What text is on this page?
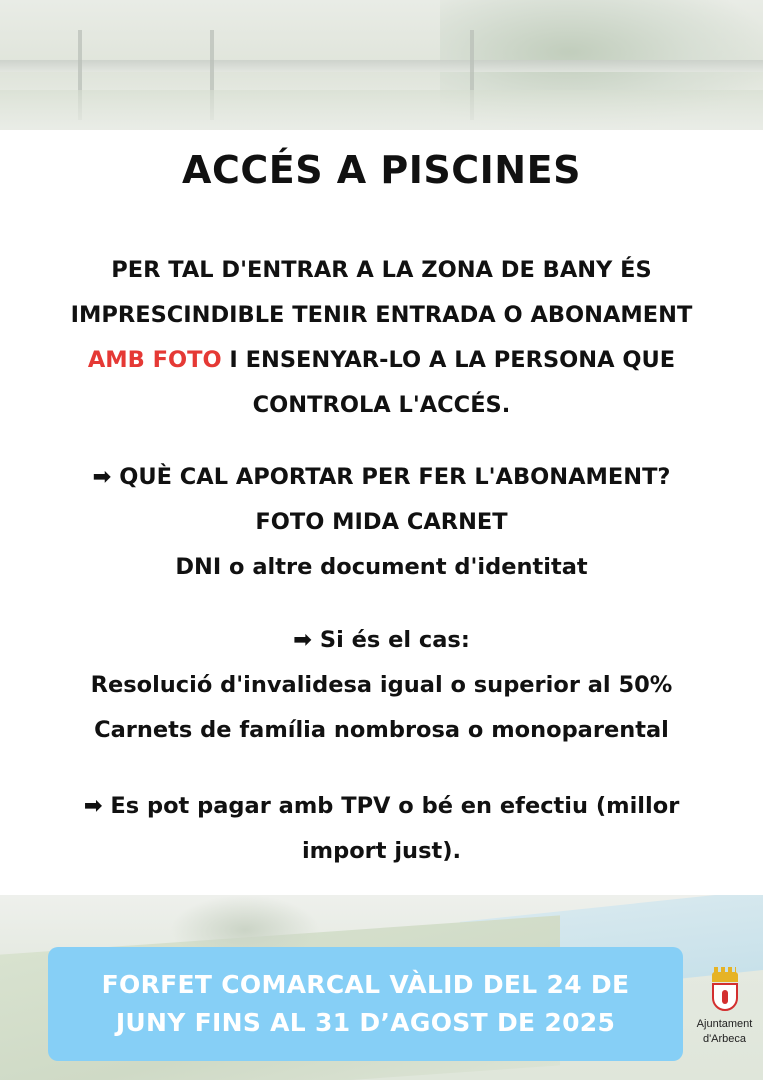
ACCÉS A PISCINES

PER TAL D'ENTRAR A LA ZONA DE BANY ÉS

IMPRESCINDIBLE TENIR ENTRADA O ABONAMENT

AMB FOTO I ENSENYAR-LO A LA PERSONA QUE

CONTROLA L'ACCÉS.

➡ QUÈ CAL APORTAR PER FER L'ABONAMENT?

FOTO MIDA CARNET

DNI o altre document d'identitat

➡ Si és el cas:

Resolució d'invalidesa igual o superior al 50%

Carnets de família nombrosa o monoparental

➡ Es pot pagar amb TPV o bé en efectiu (millor

import just).

FORFET COMARCAL VÀLID DEL 24 DE
JUNY FINS AL 31 D’AGOST DE 2025	Ajuntament
d'Arbeca
